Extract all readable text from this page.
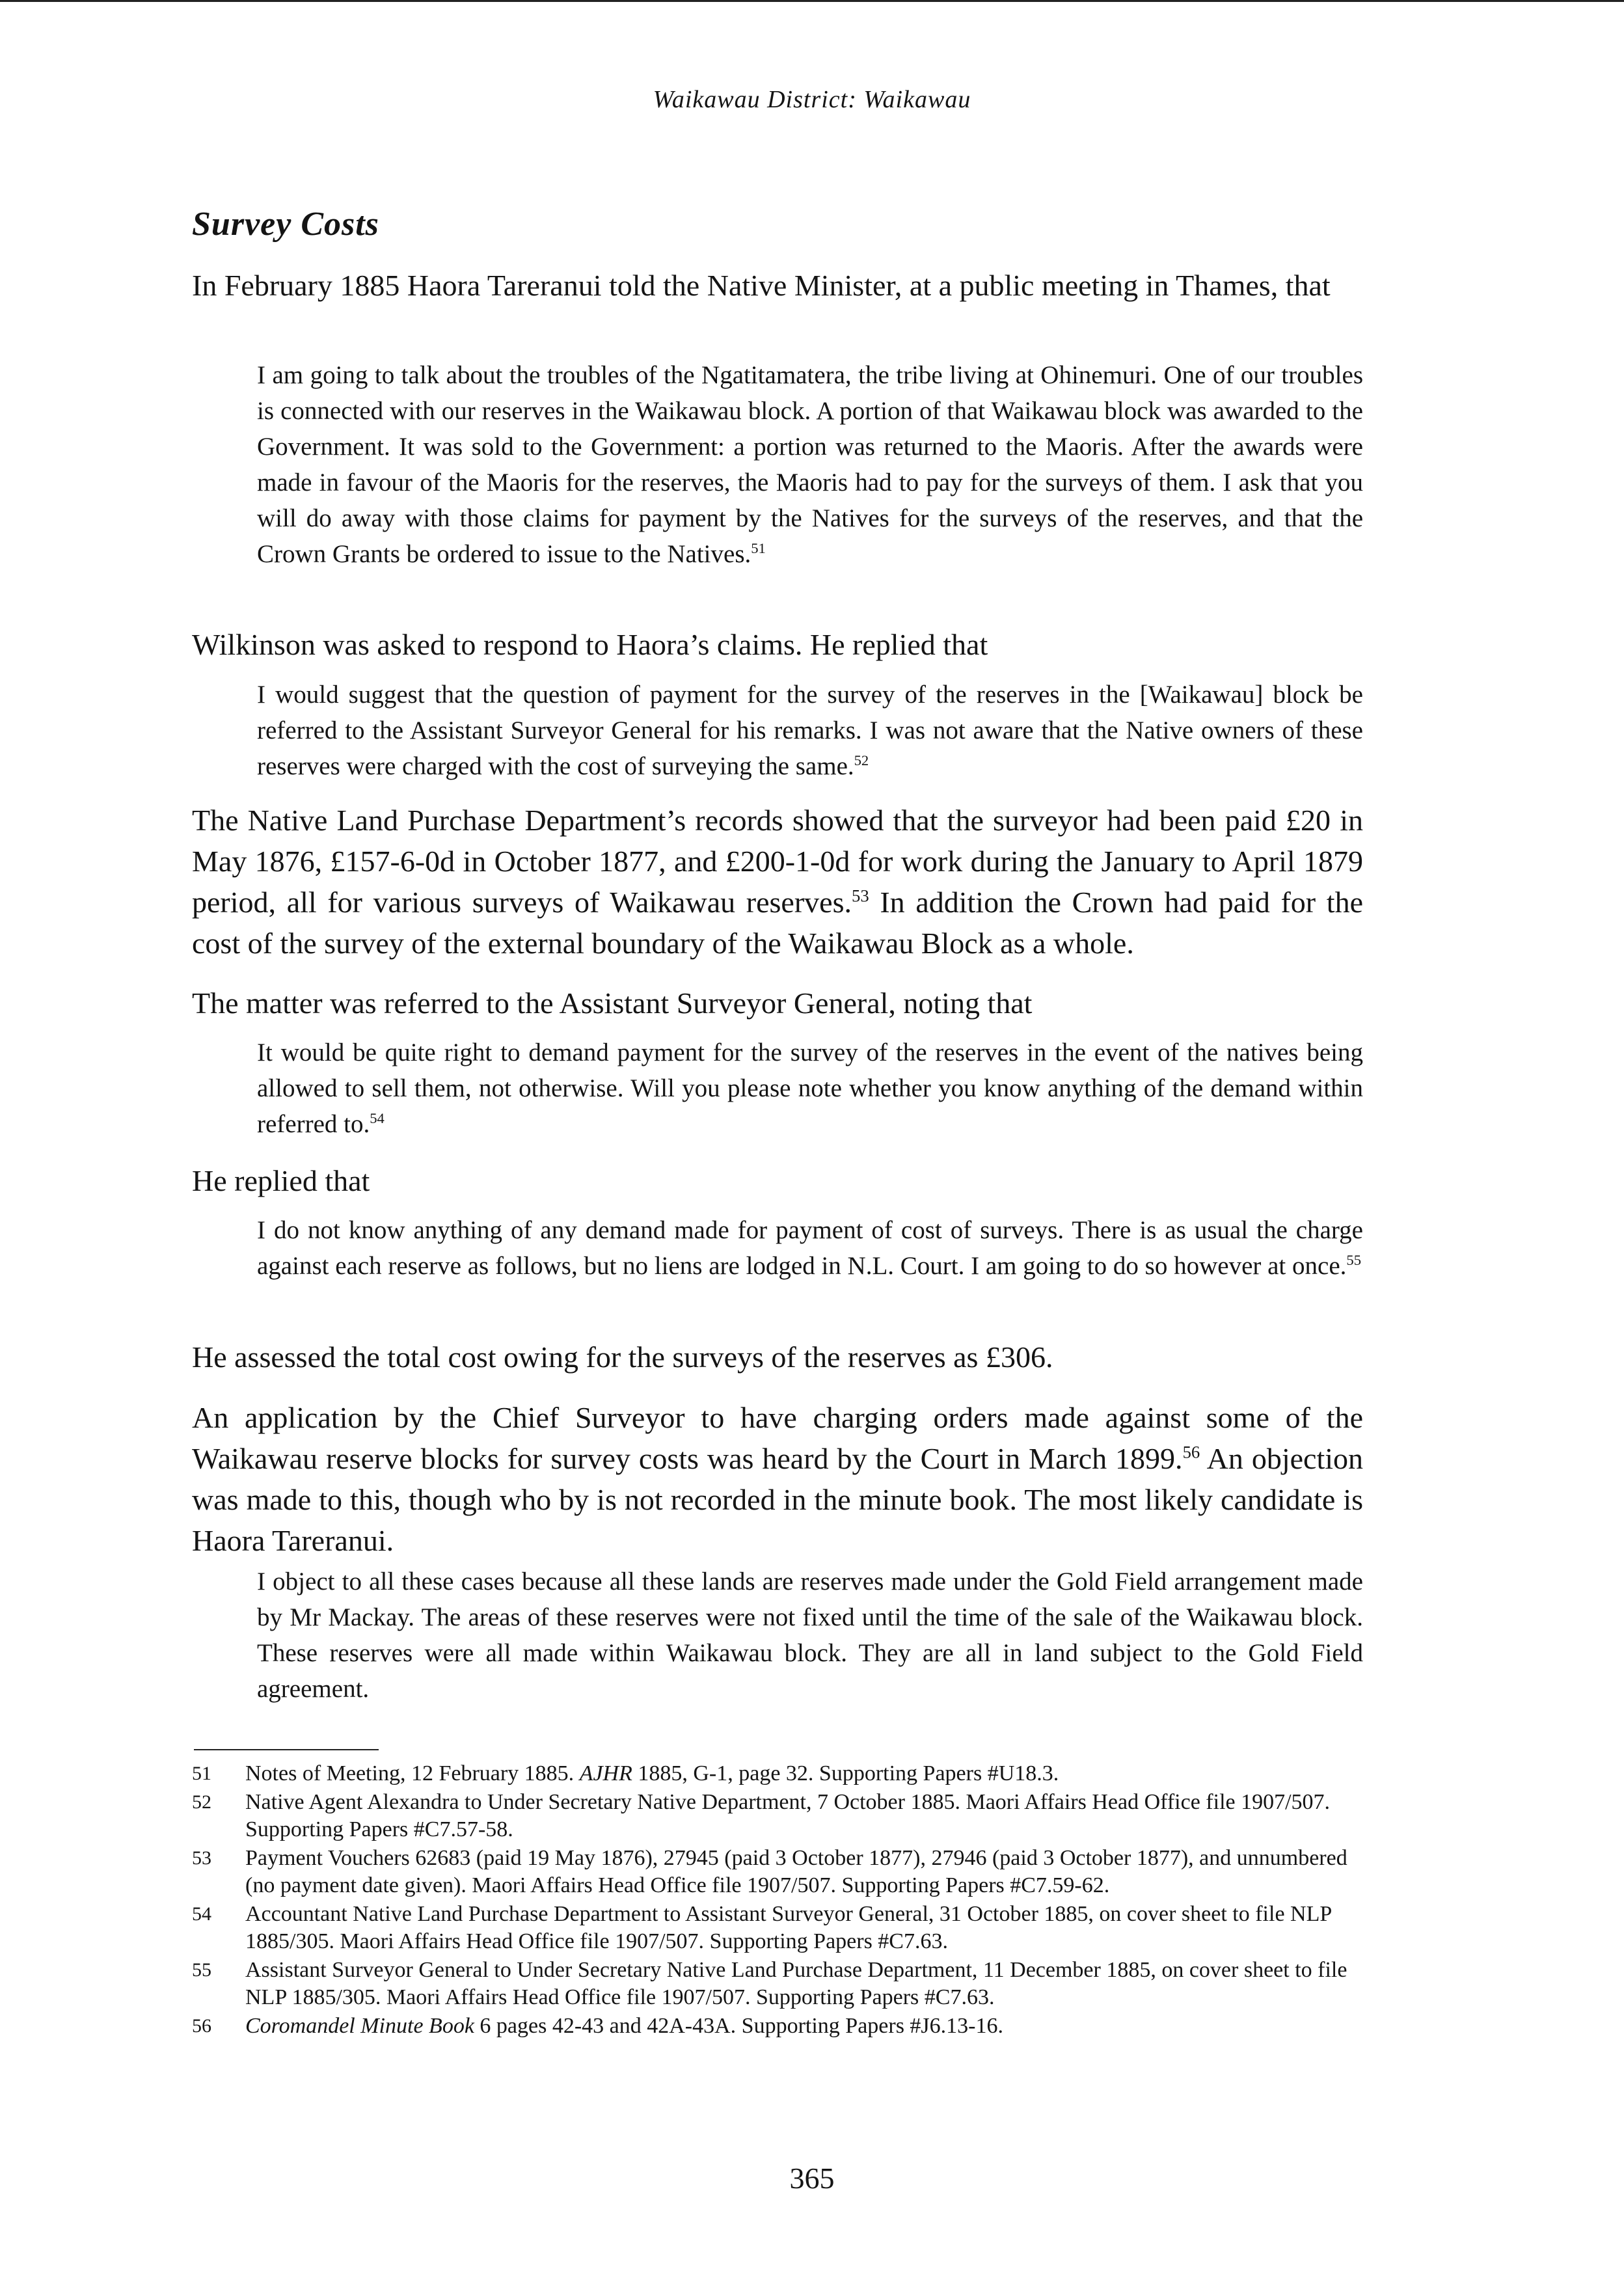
Waikawau District: Waikawau
Survey Costs

In February 1885 Haora Tareranui told the Native Minister, at a public meeting in Thames, that

I am going to talk about the troubles of the Ngatitamatera, the tribe living at Ohinemuri. One of our troubles is connected with our reserves in the Waikawau block. A portion of that Waikawau block was awarded to the Government. It was sold to the Government: a portion was returned to the Maoris. After the awards were made in favour of the Maoris for the reserves, the Maoris had to pay for the surveys of them. I ask that you will do away with those claims for payment by the Natives for the surveys of the reserves, and that the Crown Grants be ordered to issue to the Natives.$^{51}$

Wilkinson was asked to respond to Haora’s claims. He replied that

I would suggest that the question of payment for the survey of the reserves in the [Waikawau] block be referred to the Assistant Surveyor General for his remarks. I was not aware that the Native owners of these reserves were charged with the cost of surveying the same.$^{52}$

The Native Land Purchase Department’s records showed that the surveyor had been paid £20 in May 1876, £157-6-0d in October 1877, and £200-1-0d for work during the January to April 1879 period, all for various surveys of Waikawau reserves.$^{53}$ In addition the Crown had paid for the cost of the survey of the external boundary of the Waikawau Block as a whole.

The matter was referred to the Assistant Surveyor General, noting that

It would be quite right to demand payment for the survey of the reserves in the event of the natives being allowed to sell them, not otherwise. Will you please note whether you know anything of the demand within referred to.$^{54}$

He replied that

I do not know anything of any demand made for payment of cost of surveys. There is as usual the charge against each reserve as follows, but no liens are lodged in N.L. Court. I am going to do so however at once.$^{55}$

He assessed the total cost owing for the surveys of the reserves as £306.

An application by the Chief Surveyor to have charging orders made against some of the Waikawau reserve blocks for survey costs was heard by the Court in March 1899.56 An objection was made to this, though who by is not recorded in the minute book. The most likely candidate is Haora Tareranui.

I object to all these cases because all these lands are reserves made under the Gold Field arrangement made by Mr Mackay. The areas of these reserves were not fixed until the time of the sale of the Waikawau block. These reserves were all made within Waikawau block. They are all in land subject to the Gold Field agreement.

51 Notes of Meeting, 12 February 1885. AJHR 1885, G-1, page 32. Supporting Papers #U18.3.
52 Native Agent Alexandra to Under Secretary Native Department, 7 October 1885. Maori Affairs Head Office file 1907/507. Supporting Papers #C7.57-58.
53 Payment Vouchers 62683 (paid 19 May 1876), 27945 (paid 3 October 1877), 27946 (paid 3 October 1877), and unnumbered (no payment date given). Maori Affairs Head Office file 1907/507. Supporting Papers #C7.59-62.
54 Accountant Native Land Purchase Department to Assistant Surveyor General, 31 October 1885, on cover sheet to file NLP 1885/305. Maori Affairs Head Office file 1907/507. Supporting Papers #C7.63.
55 Assistant Surveyor General to Under Secretary Native Land Purchase Department, 11 December 1885, on cover sheet to file NLP 1885/305. Maori Affairs Head Office file 1907/507. Supporting Papers #C7.63.
56 Coromandel Minute Book 6 pages 42-43 and 42A-43A. Supporting Papers #J6.13-16.
365
